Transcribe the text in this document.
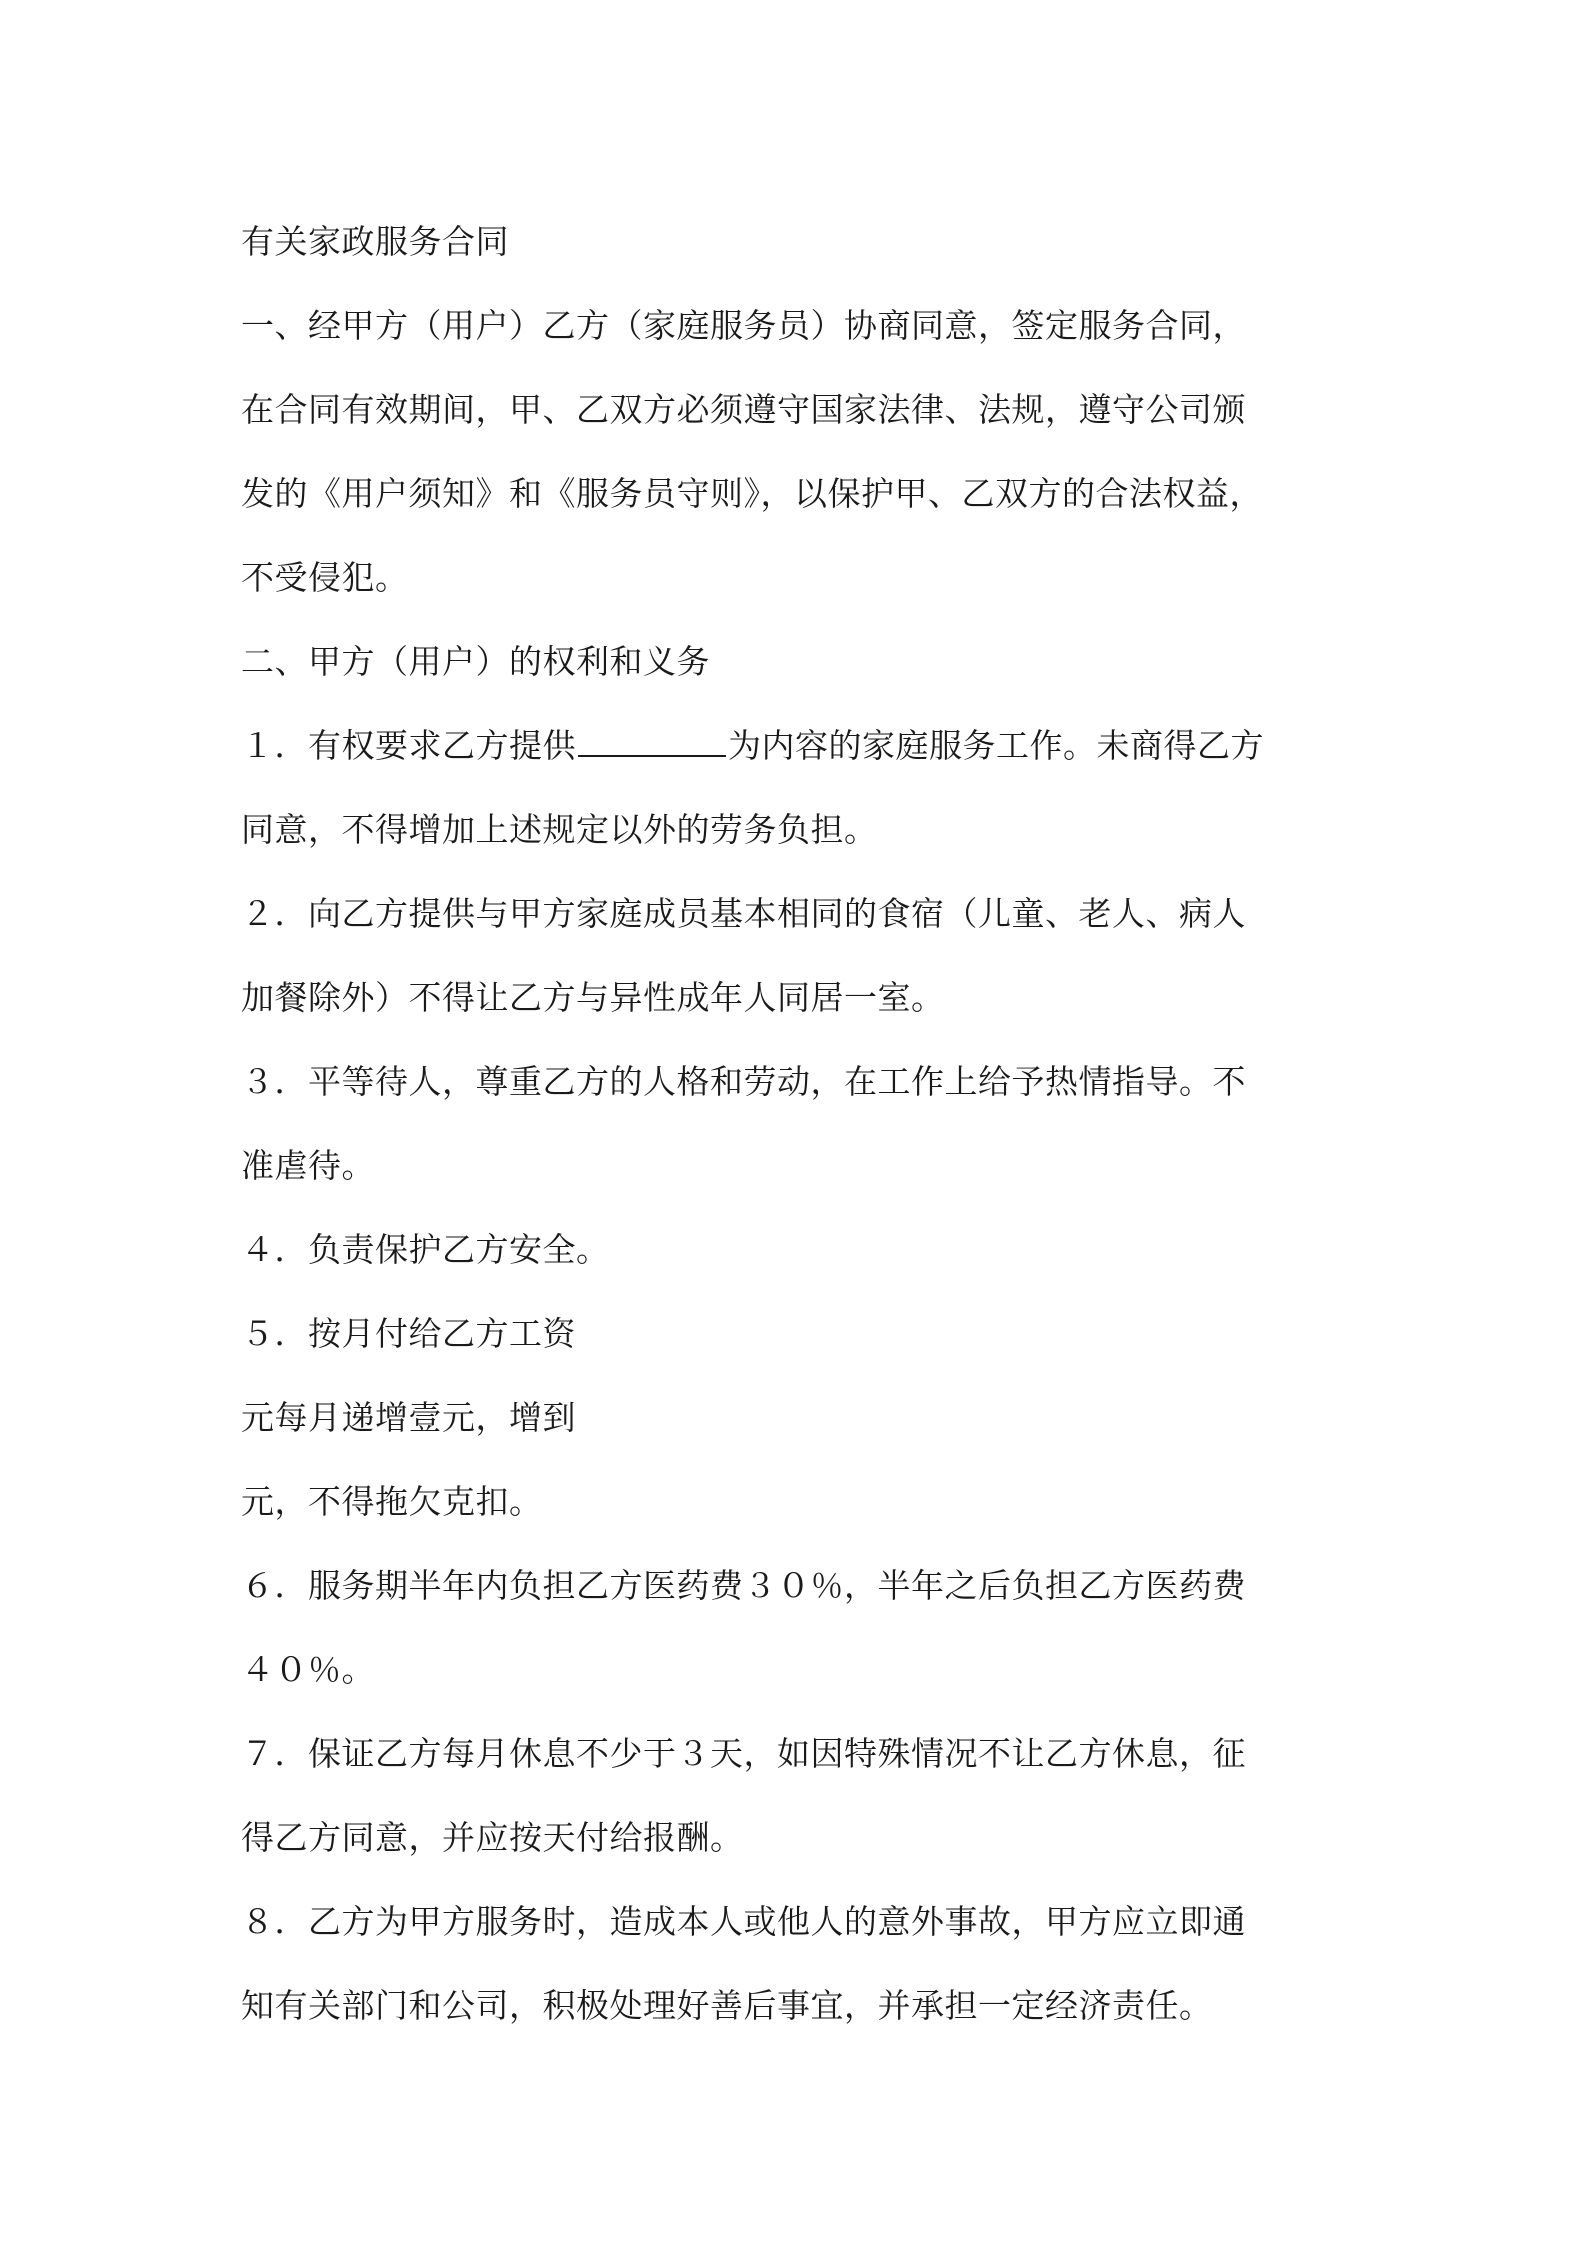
有关家政服务合同
一、经甲方（用户）乙方（家庭服务员）协商同意，签定服务合同，
在合同有效期间，甲、乙双方必须遵守国家法律、法规，遵守公司颁
发的《用户须知》和《服务员守则》，以保护甲、乙双方的合法权益，
不受侵犯。
二、甲方（用户）的权利和义务
１．有权要求乙方提供	为内容的家庭服务工作。未商得乙方
同意，不得增加上述规定以外的劳务负担。
２．向乙方提供与甲方家庭成员基本相同的食宿（儿童、老人、病人
加餐除外）不得让乙方与异性成年人同居一室。
３．平等待人，尊重乙方的人格和劳动，在工作上给予热情指导。不
准虐待。
４．负责保护乙方安全。
５．按月付给乙方工资
元每月递增壹元，增到
元，不得拖欠克扣。
６．服务期半年内负担乙方医药费３０％，半年之后负担乙方医药费
４０％。
７．保证乙方每月休息不少于３天，如因特殊情况不让乙方休息，征
得乙方同意，并应按天付给报酬。
８．乙方为甲方服务时，造成本人或他人的意外事故，甲方应立即通
知有关部门和公司，积极处理好善后事宜，并承担一定经济责任。
